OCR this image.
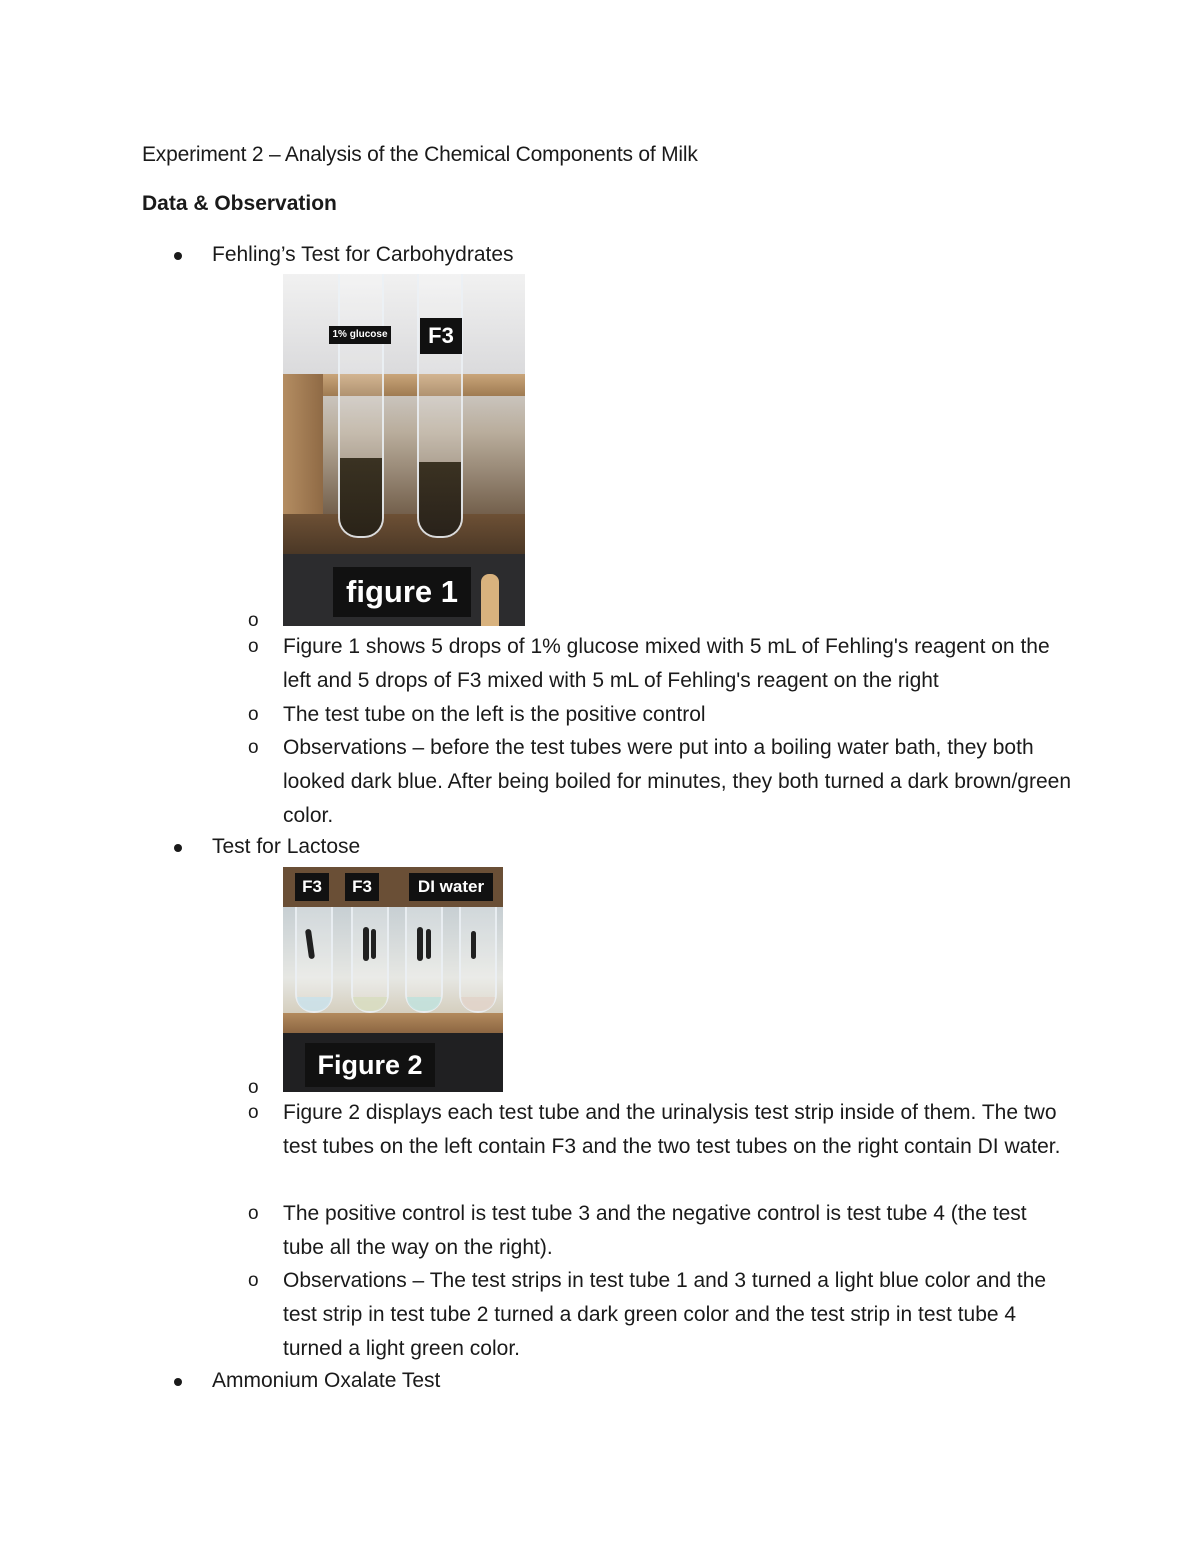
Experiment 2 – Analysis of the Chemical Components of Milk
Data & Observation
Fehling’s Test for Carbohydrates
1% glucose	F3
figure 1
o
o Figure 1 shows 5 drops of 1% glucose mixed with 5 mL of Fehling's reagent on the left and 5 drops of F3 mixed with 5 mL of Fehling's reagent on the right
o The test tube on the left is the positive control
o Observations – before the test tubes were put into a boiling water bath, they both looked dark blue. After being boiled for minutes, they both turned a dark brown/green color.
Test for Lactose
F3	F3	DI water
Figure 2
o
o Figure 2 displays each test tube and the urinalysis test strip inside of them. The two test tubes on the left contain F3 and the two test tubes on the right contain DI water.
o The positive control is test tube 3 and the negative control is test tube 4 (the test tube all the way on the right).
o Observations – The test strips in test tube 1 and 3 turned a light blue color and the test strip in test tube 2 turned a dark green color and the test strip in test tube 4 turned a light green color.
Ammonium Oxalate Test
